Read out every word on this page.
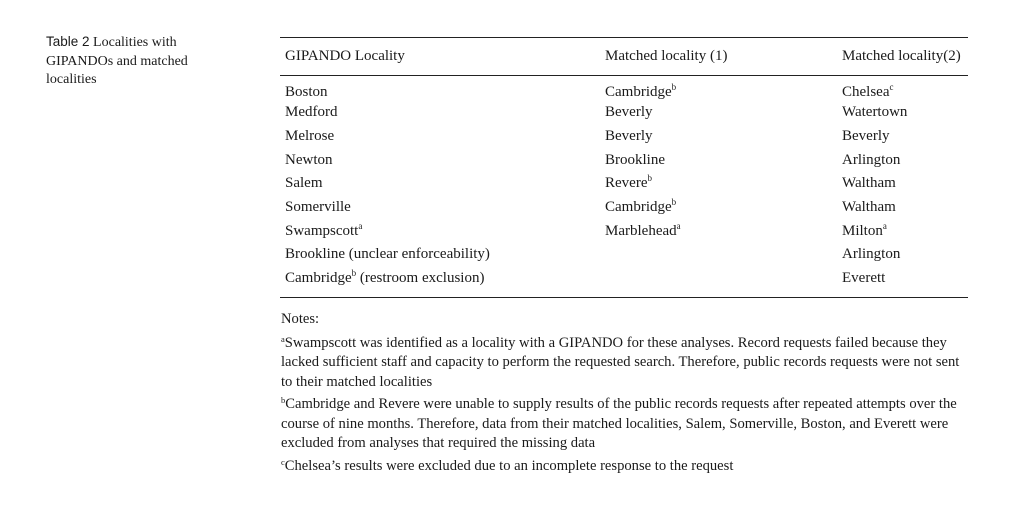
Table 2 Localities with GIPANDOs and matched localities
GIPANDO Locality	Matched locality (1)	Matched locality(2)
Boston	Cambridge$^b$	Chelsea$^c$
Medford	Beverly	Watertown
Melrose	Beverly	Beverly
Newton	Brookline	Arlington
Salem	Revere$^b$	Waltham
Somerville	Cambridge$^b$	Waltham
Swampscott$^a$	Marblehead$^a$	Milton$^a$
Brookline (unclear enforceability)		Arlington
Cambridge$^b$ (restroom exclusion)		Everett

Notes:

$^a$Swampscott was identified as a locality with a GIPANDO for these analyses. Record requests failed because they lacked sufficient staff and capacity to perform the requested search. Therefore, public records requests were not sent to their matched localities

$^b$Cambridge and Revere were unable to supply results of the public records requests after repeated attempts over the course of nine months. Therefore, data from their matched localities, Salem, Somerville, Boston, and Everett were excluded from analyses that required the missing data

$^c$Chelsea’s results were excluded due to an incomplete response to the request
